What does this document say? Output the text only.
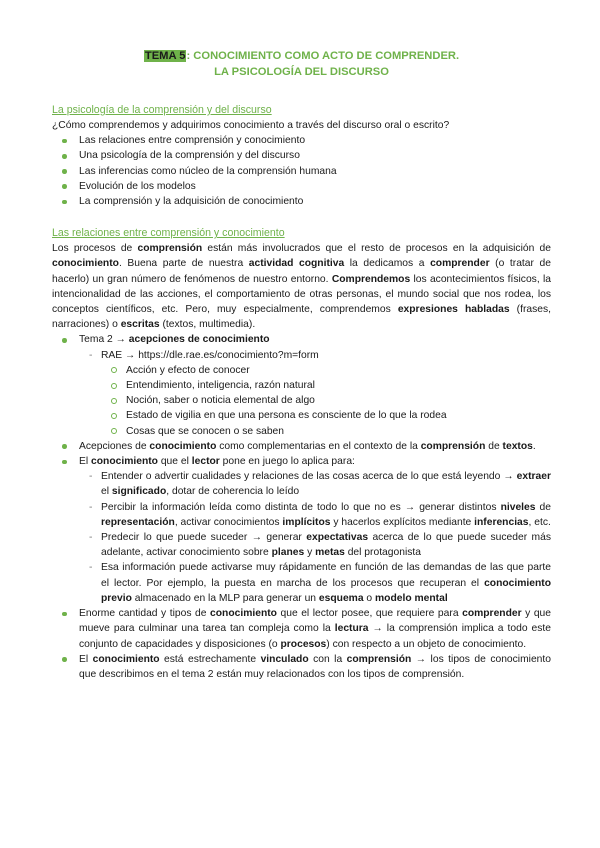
TEMA 5: CONOCIMIENTO COMO ACTO DE COMPRENDER.

LA PSICOLOGÍA DEL DISCURSO

La psicología de la comprensión y del discurso

¿Cómo comprendemos y adquirimos conocimiento a través del discurso oral o escrito?

Las relaciones entre comprensión y conocimiento
Una psicología de la comprensión y del discurso
Las inferencias como núcleo de la comprensión humana
Evolución de los modelos
La comprensión y la adquisición de conocimiento

Las relaciones entre comprensión y conocimiento

Los procesos de comprensión están más involucrados que el resto de procesos en la adquisición de conocimiento. Buena parte de nuestra actividad cognitiva la dedicamos a comprender (o tratar de hacerlo) un gran número de fenómenos de nuestro entorno. Comprendemos los acontecimientos físicos, la intencionalidad de las acciones, el comportamiento de otras personas, el mundo social que nos rodea, los conceptos científicos, etc. Pero, muy especialmente, comprendemos expresiones habladas (frases, narraciones) o escritas (textos, multimedia).

Tema 2 → acepciones de conocimiento
- RAE → https://dle.rae.es/conocimiento?m=form
Acción y efecto de conocer
Entendimiento, inteligencia, razón natural
Noción, saber o noticia elemental de algo
Estado de vigilia en que una persona es consciente de lo que la rodea
Cosas que se conocen o se saben
Acepciones de conocimiento como complementarias en el contexto de la comprensión de textos.
El conocimiento que el lector pone en juego lo aplica para:
- Entender o advertir cualidades y relaciones de las cosas acerca de lo que está leyendo → extraer el significado, dotar de coherencia lo leído
- Percibir la información leída como distinta de todo lo que no es → generar distintos niveles de representación, activar conocimientos implícitos y hacerlos explícitos mediante inferencias, etc.
- Predecir lo que puede suceder → generar expectativas acerca de lo que puede suceder más adelante, activar conocimiento sobre planes y metas del protagonista
- Esa información puede activarse muy rápidamente en función de las demandas de las que parte el lector. Por ejemplo, la puesta en marcha de los procesos que recuperan el conocimiento previo almacenado en la MLP para generar un esquema o modelo mental
Enorme cantidad y tipos de conocimiento que el lector posee, que requiere para comprender y que mueve para culminar una tarea tan compleja como la lectura → la comprensión implica a todo este conjunto de capacidades y disposiciones (o procesos) con respecto a un objeto de conocimiento.
El conocimiento está estrechamente vinculado con la comprensión → los tipos de conocimiento que describimos en el tema 2 están muy relacionados con los tipos de comprensión.
